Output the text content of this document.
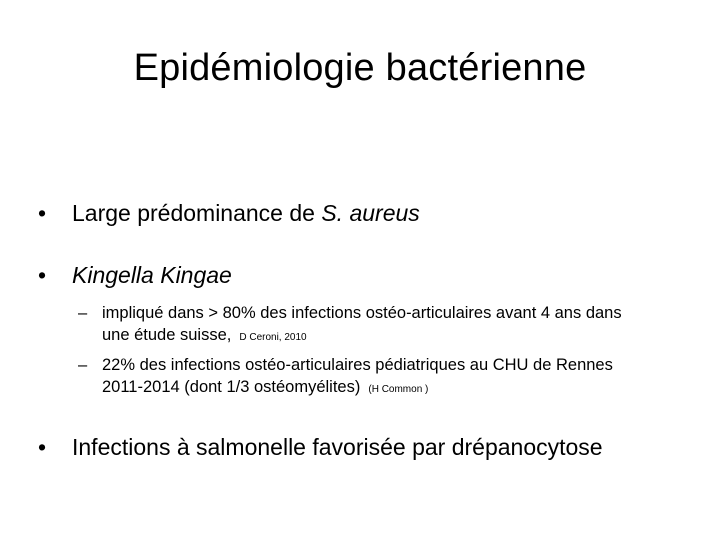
Epidémiologie bactérienne
•	Large prédominance de S. aureus
•	Kingella Kingae
– impliqué dans > 80% des infections ostéo-articulaires avant 4 ans dans
une étude suisse, D Ceroni, 2010
– 22% des infections ostéo-articulaires pédiatriques au CHU de Rennes
2011-2014 (dont 1/3 ostéomyélites) (H Common )
•	Infections à salmonelle favorisée par drépanocytose
